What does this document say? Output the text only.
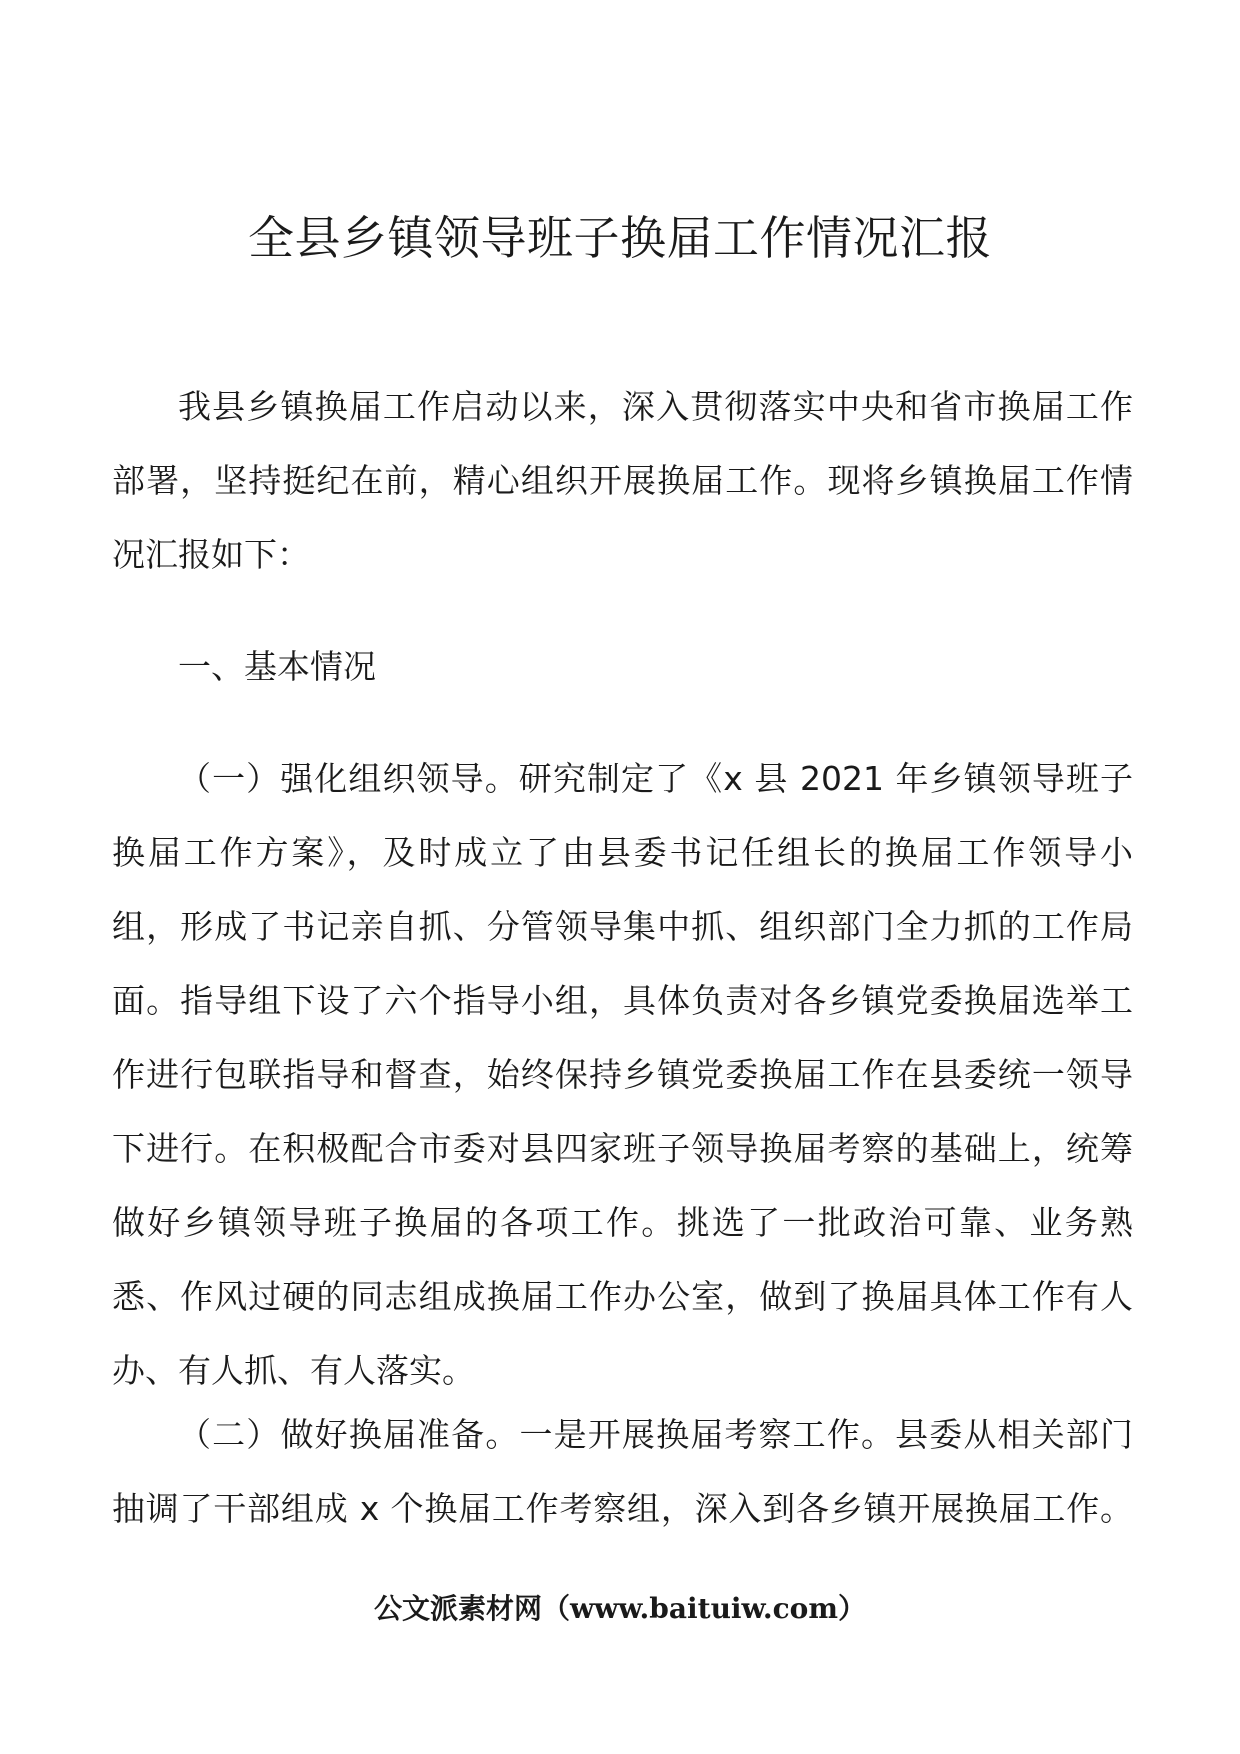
全县乡镇领导班子换届工作情况汇报
我县乡镇换届工作启动以来，深入贯彻落实中央和省市换届工作
部署，坚持挺纪在前，精心组织开展换届工作。现将乡镇换届工作情
况汇报如下：
一、基本情况
（一）强化组织领导。研究制定了《x 县 2021 年乡镇领导班子
换届工作方案》，及时成立了由县委书记任组长的换届工作领导小
组，形成了书记亲自抓、分管领导集中抓、组织部门全力抓的工作局
面。指导组下设了六个指导小组，具体负责对各乡镇党委换届选举工
作进行包联指导和督查，始终保持乡镇党委换届工作在县委统一领导
下进行。在积极配合市委对县四家班子领导换届考察的基础上，统筹
做好乡镇领导班子换届的各项工作。挑选了一批政治可靠、业务熟
悉、作风过硬的同志组成换届工作办公室，做到了换届具体工作有人
办、有人抓、有人落实。
（二）做好换届准备。一是开展换届考察工作。县委从相关部门
抽调了干部组成 x 个换届工作考察组，深入到各乡镇开展换届工作。
公文派素材网（www.baituiw.com）
